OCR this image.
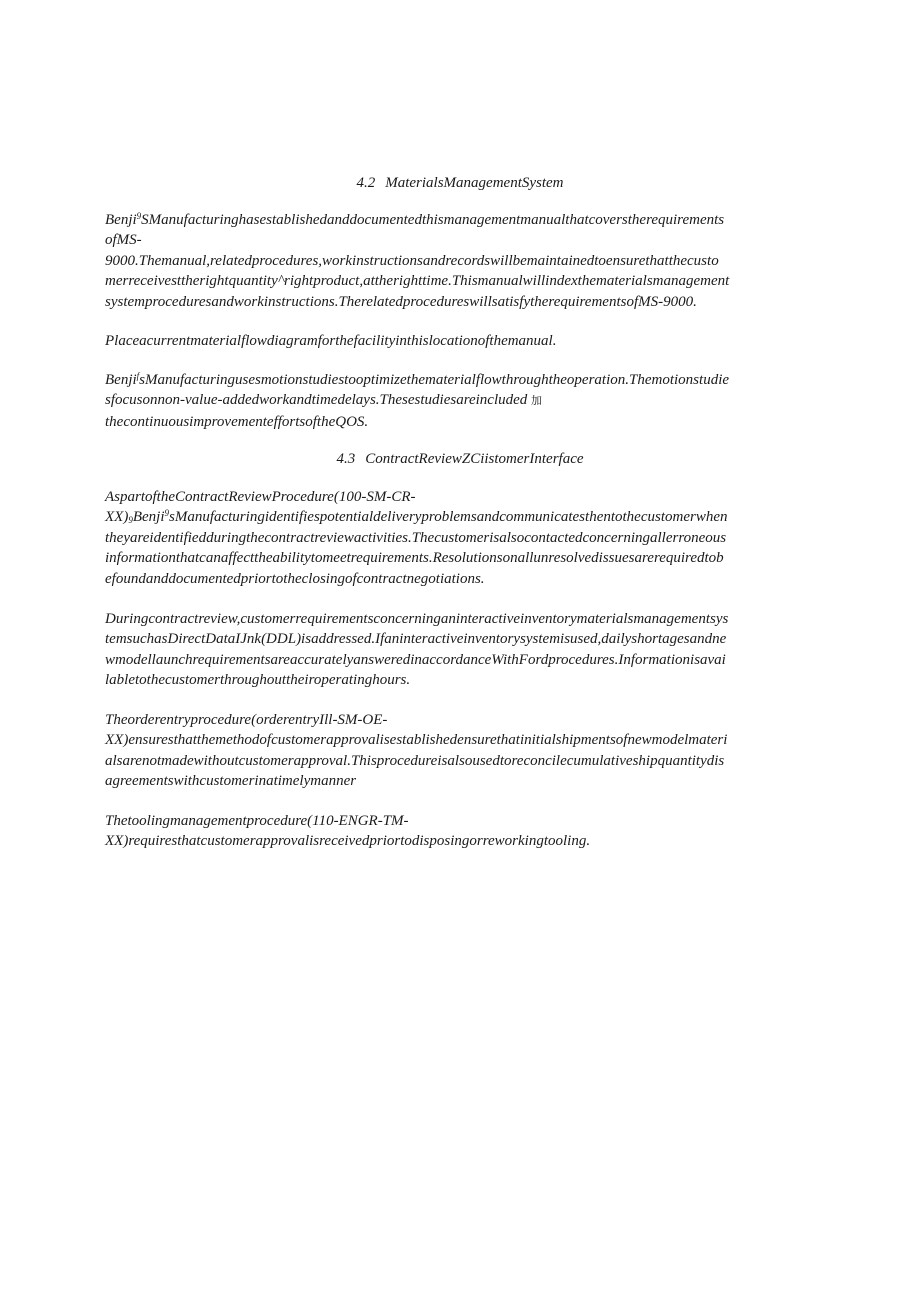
4.2 MaterialsManagementSystem
Benji$^9$SManufacturinghasestablishedanddocumentedthismanagementmanualthatcoverstherequirements
ofMS-
9000.Themanual,relatedprocedures,workinstructionsandrecordswillbemaintainedtoensurethatthecusto
merreceivesttherightquantity^rightproduct,attherighttime.Thismanualwillindexthematerialsmanagement
systemproceduresandworkinstructions.TherelatedprocedureswillsatisfytherequirementsofMS-9000.
Placeacurrentmaterialflowdiagramforthefacilityinthislocationofthemanual.
Benji$^f$sManufacturingusesmotionstudiestooptimizethematerialflowthroughtheoperation.Themotionstudie
sfocusonnon-value-addedworkandtimedelays.Thesestudiesareincluded 加
thecontinuousimprovementeffortsoftheQOS.
4.3 ContractReviewZCiistomerInterface
AspartoftheContractReviewProcedure(100-SM-CR-
$XX)_9Benji^9sManufacturingidentifiespotentialdeliveryproblemsandcommunicatesthentothecustomerwhen$
theyareidentifiedduringthecontractreviewactivities.Thecustomerisalsocontactedconcerningallerroneous
informationthatcanaffecttheabilitytomeetrequirements.Resolutionsonallunresolvedissuesarerequiredtob
efoundanddocumentedpriortotheclosingofcontractnegotiations.
Duringcontractreview,customerrequirementsconcerninganinteractiveinventorymaterialsmanagementsys
temsuchasDirectDataIJnk(DDL)isaddressed.Ifaninteractiveinventorysystemisused,dailyshortagesandne
wmodellaunchrequirementsareaccuratelyansweredinaccordanceWithFordprocedures.Informationisavai
labletothecustomerthroughouttheiroperatinghours.
Theorderentryprocedure(orderentryIll-SM-OE-
XX)ensuresthatthemethodofcustomerapprovalisestablishedensurethatinitialshipmentsofnewmodelmateri
alsarenotmadewithoutcustomerapproval.Thisprocedureisalsousedtoreconcilecumulativeshipquantitydis
agreementswithcustomerinatimelymanner
Thetoolingmanagementprocedure(110-ENGR-TM-
XX)requiresthatcustomerapprovalisreceivedpriortodisposingorreworkingtooling.
